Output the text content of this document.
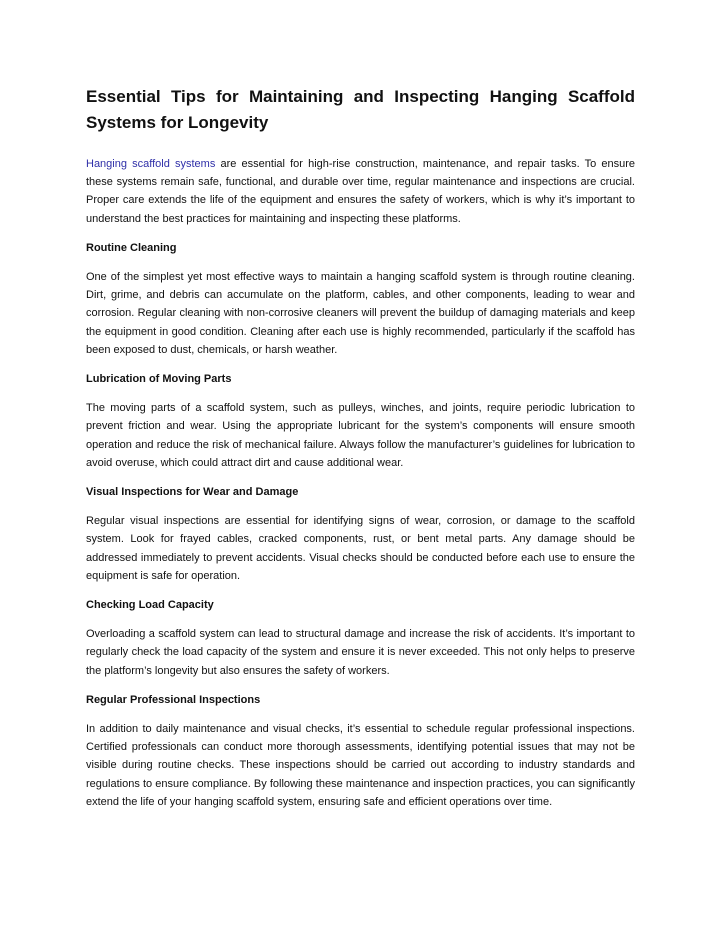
Essential Tips for Maintaining and Inspecting Hanging Scaffold Systems for Longevity

Hanging scaffold systems are essential for high-rise construction, maintenance, and repair tasks. To ensure these systems remain safe, functional, and durable over time, regular maintenance and inspections are crucial. Proper care extends the life of the equipment and ensures the safety of workers, which is why it’s important to understand the best practices for maintaining and inspecting these platforms.

Routine Cleaning

One of the simplest yet most effective ways to maintain a hanging scaffold system is through routine cleaning. Dirt, grime, and debris can accumulate on the platform, cables, and other components, leading to wear and corrosion. Regular cleaning with non-corrosive cleaners will prevent the buildup of damaging materials and keep the equipment in good condition. Cleaning after each use is highly recommended, particularly if the scaffold has been exposed to dust, chemicals, or harsh weather.

Lubrication of Moving Parts

The moving parts of a scaffold system, such as pulleys, winches, and joints, require periodic lubrication to prevent friction and wear. Using the appropriate lubricant for the system’s components will ensure smooth operation and reduce the risk of mechanical failure. Always follow the manufacturer’s guidelines for lubrication to avoid overuse, which could attract dirt and cause additional wear.

Visual Inspections for Wear and Damage

Regular visual inspections are essential for identifying signs of wear, corrosion, or damage to the scaffold system. Look for frayed cables, cracked components, rust, or bent metal parts. Any damage should be addressed immediately to prevent accidents. Visual checks should be conducted before each use to ensure the equipment is safe for operation.

Checking Load Capacity

Overloading a scaffold system can lead to structural damage and increase the risk of accidents. It’s important to regularly check the load capacity of the system and ensure it is never exceeded. This not only helps to preserve the platform’s longevity but also ensures the safety of workers.

Regular Professional Inspections

In addition to daily maintenance and visual checks, it’s essential to schedule regular professional inspections. Certified professionals can conduct more thorough assessments, identifying potential issues that may not be visible during routine checks. These inspections should be carried out according to industry standards and regulations to ensure compliance. By following these maintenance and inspection practices, you can significantly extend the life of your hanging scaffold system, ensuring safe and efficient operations over time.
